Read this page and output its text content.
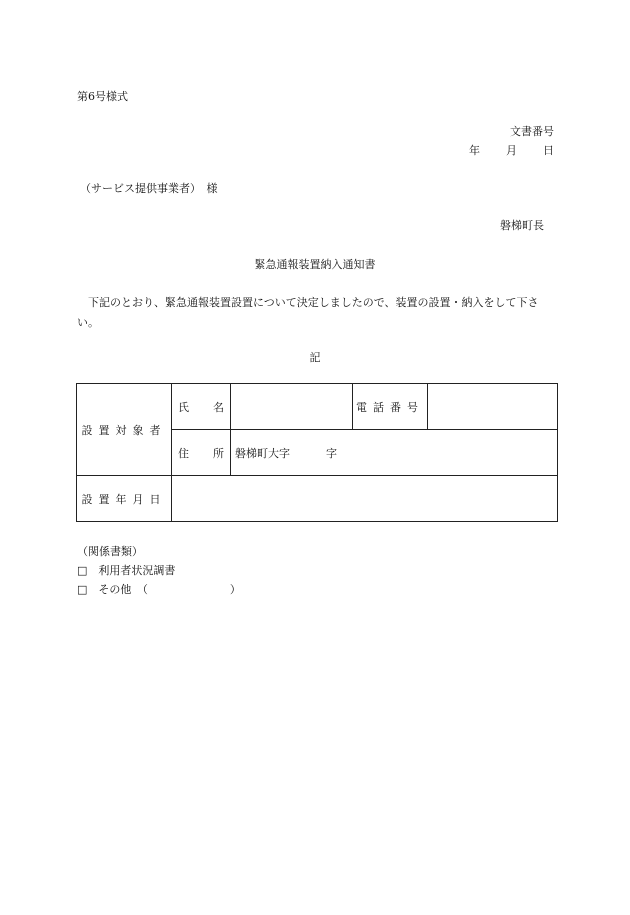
第6号様式
文書番号
年 月 日
（サービス提供事業者）　様
磐梯町長
緊急通報装置納入通知書
下記のとおり、緊急通報装置設置について決定しましたので、装置の設置・納入をして下さい。
記
設置対象者	氏 名		電話番号	

	住 所	磐梯町大字 字		
設置年月日				
（関係書類）
□　 利用者状況調書
□　 その他　 （	）
